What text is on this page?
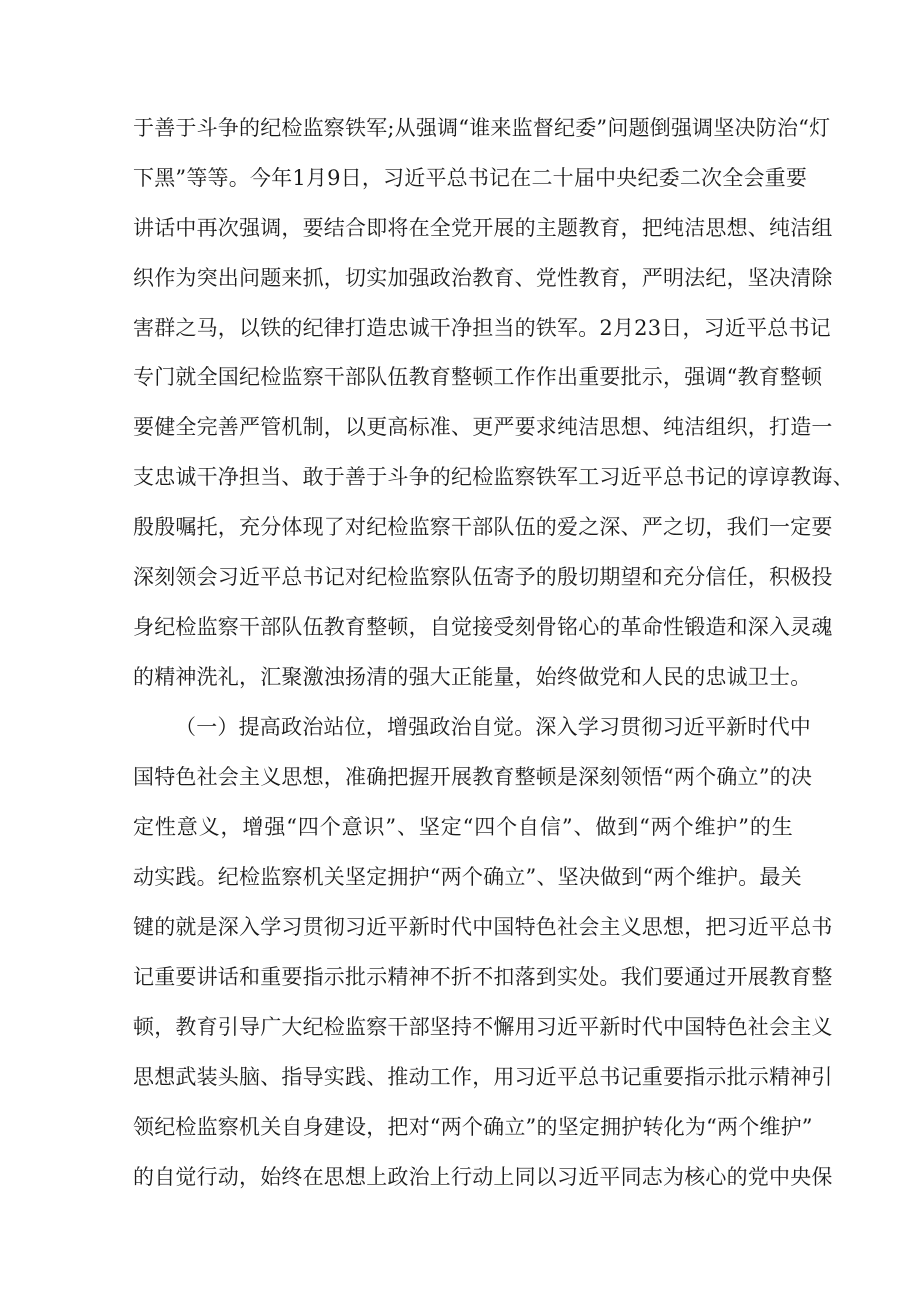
于善于斗争的纪检监察铁军;从强调“谁来监督纪委”问题倒强调坚决防治“灯
下黑”等等。今年1月9日，习近平总书记在二十届中央纪委二次全会重要
讲话中再次强调，要结合即将在全党开展的主题教育，把纯洁思想、纯洁组
织作为突出问题来抓，切实加强政治教育、党性教育，严明法纪，坚决清除
害群之马，以铁的纪律打造忠诚干净担当的铁军。2月23日，习近平总书记
专门就全国纪检监察干部队伍教育整顿工作作出重要批示，强调“教育整顿
要健全完善严管机制，以更高标准、更严要求纯洁思想、纯洁组织，打造一
支忠诚干净担当、敢于善于斗争的纪检监察铁军工习近平总书记的谆谆教诲、
殷殷嘱托，充分体现了对纪检监察干部队伍的爱之深、严之切，我们一定要
深刻领会习近平总书记对纪检监察队伍寄予的殷切期望和充分信任，积极投
身纪检监察干部队伍教育整顿，自觉接受刻骨铭心的革命性锻造和深入灵魂
的精神洗礼，汇聚激浊扬清的强大正能量，始终做党和人民的忠诚卫士。
（一）提高政治站位，增强政治自觉。深入学习贯彻习近平新时代中
国特色社会主义思想，准确把握开展教育整顿是深刻领悟“两个确立”的决
定性意义，增强“四个意识”、坚定“四个自信”、做到“两个维护”的生
动实践。纪检监察机关坚定拥护“两个确立”、坚决做到“两个维护。最关
键的就是深入学习贯彻习近平新时代中国特色社会主义思想，把习近平总书
记重要讲话和重要指示批示精神不折不扣落到实处。我们要通过开展教育整
顿，教育引导广大纪检监察干部坚持不懈用习近平新时代中国特色社会主义
思想武装头脑、指导实践、推动工作，用习近平总书记重要指示批示精神引
领纪检监察机关自身建设，把对“两个确立”的坚定拥护转化为“两个维护”
的自觉行动，始终在思想上政治上行动上同以习近平同志为核心的党中央保
